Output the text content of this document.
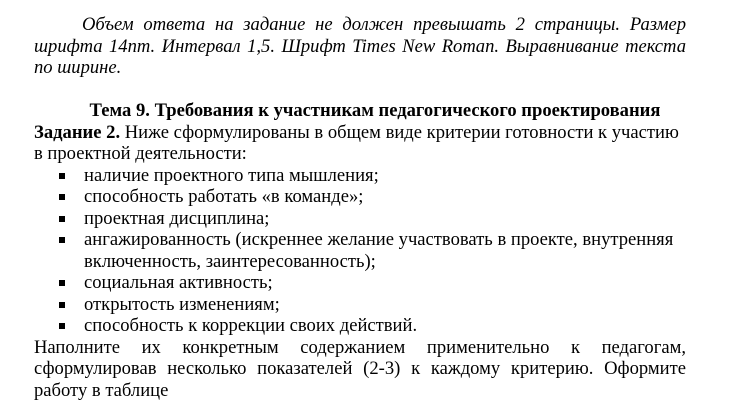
Объем ответа на задание не должен превышать 2 страницы. Размер шрифта 14пт. Интервал 1,5. Шрифт Times New Roman. Выравнивание текста по ширине.

Тема 9. Требования к участникам педагогического проектирования

Задание 2. Ниже сформулированы в общем виде критерии готовности к участию в проектной деятельности:

наличие проектного типа мышления;
способность работать «в команде»;
проектная дисциплина;
ангажированность (искреннее желание участвовать в проекте, внутренняя включенность, заинтересованность);
социальная активность;
открытость изменениям;
способность к коррекции своих действий.

Наполните их конкретным содержанием применительно к педагогам, сформулировав несколько показателей (2-3) к каждому критерию. Оформите работу в таблице
